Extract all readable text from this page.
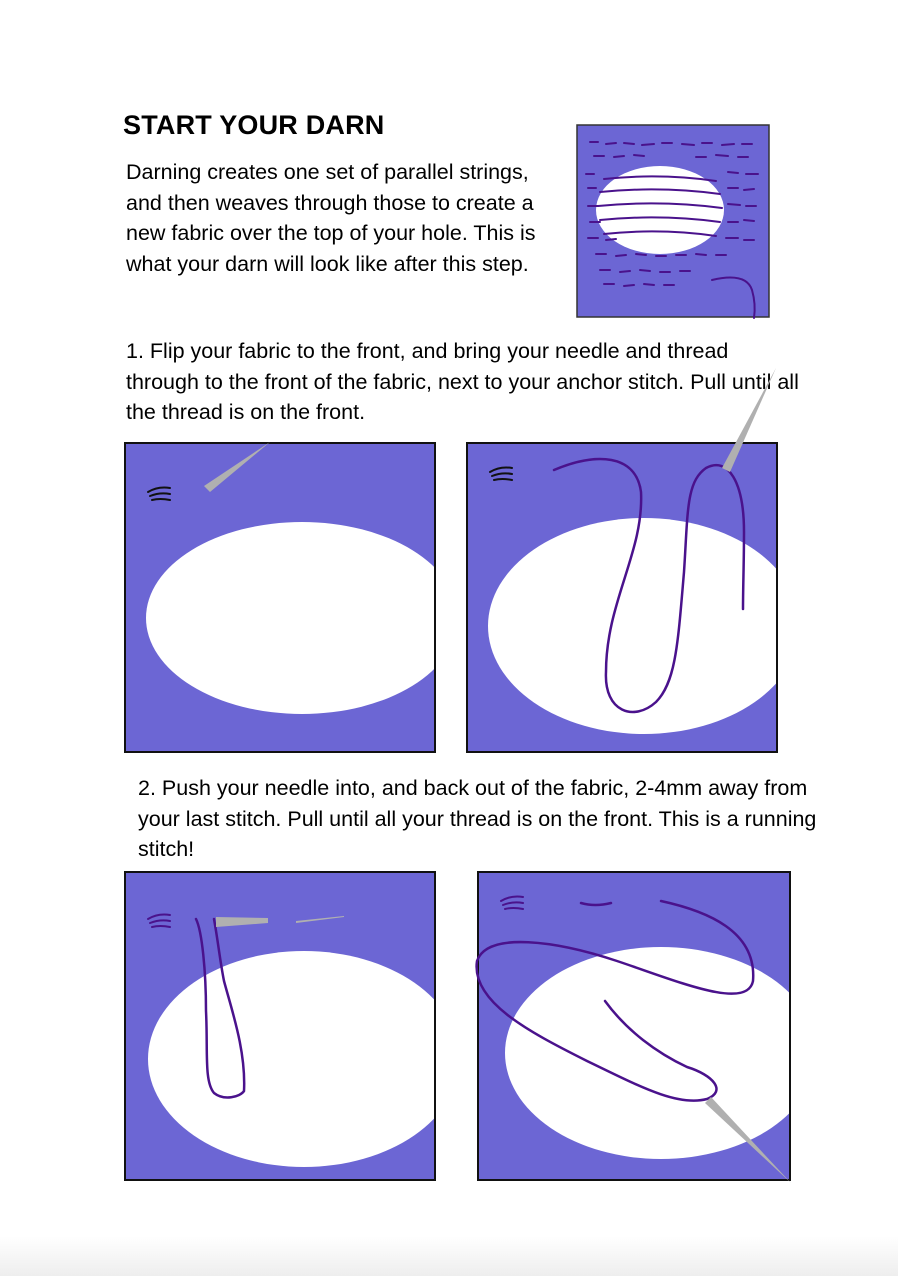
START YOUR DARN

Darning creates one set of parallel strings, and then weaves through those to create a new fabric over the top of your hole. This is what your darn will look like after this step.

1. Flip your fabric to the front, and bring your needle and thread through to the front of the fabric, next to your anchor stitch. Pull until all the thread is on the front.

2. Push your needle into, and back out of the fabric, 2-4mm away from your last stitch. Pull until all your thread is on the front. This is a running stitch!
